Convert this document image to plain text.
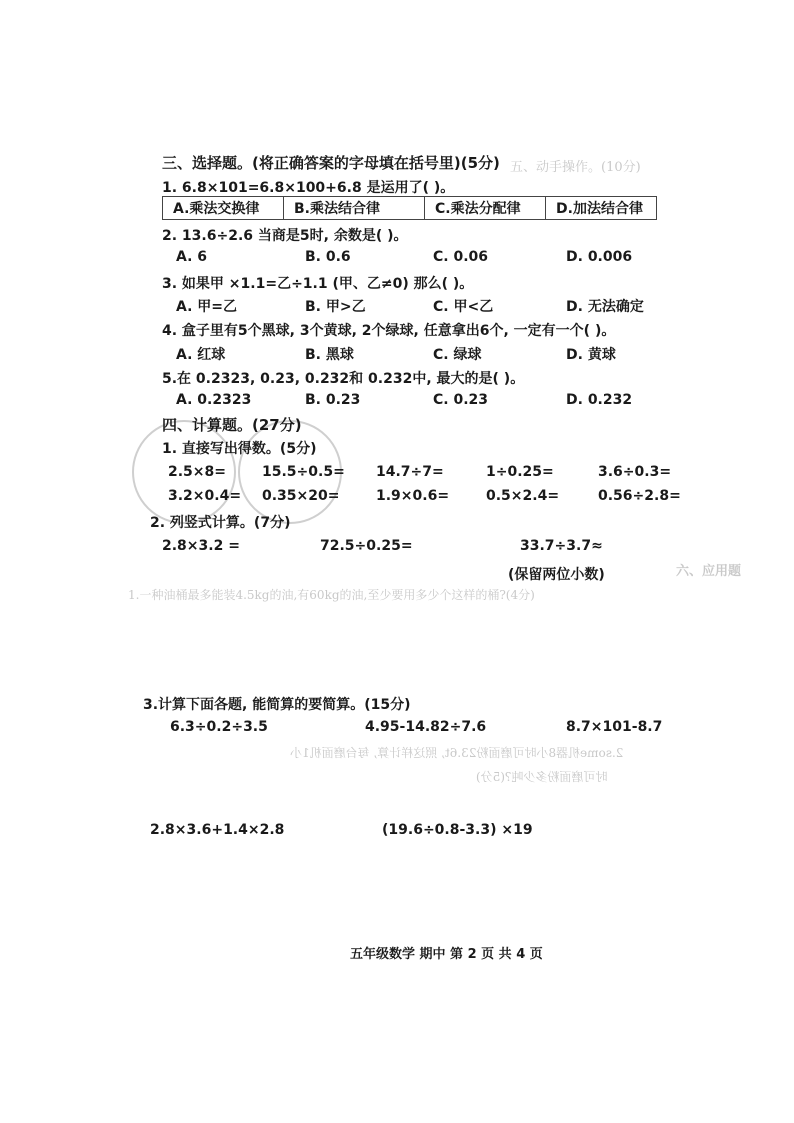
五、动手操作。(10分)
六、应用题
1.一种油桶最多能装4.5kg的油,有60kg的油,至少要用多少个这样的桶?(4分)
2.some机器8小时可磨面粉23.6t, 照这样计算, 每台磨面机1小
时可磨面粉多少吨?(5分)
三、选择题。(将正确答案的字母填在括号里)(5分)
1. 6.8×101=6.8×100+6.8 是运用了( )。
A.乘法交换律	B.乘法结合律	C.乘法分配律	D.加法结合律
2. 13.6÷2.6 当商是5时, 余数是( )。
A. 6	B. 0.6	C. 0.06	D. 0.006
3. 如果甲 ×1.1=乙÷1.1 (甲、乙≠0) 那么( )。
A. 甲=乙	B. 甲>乙	C. 甲<乙	D. 无法确定
4. 盒子里有5个黑球, 3个黄球, 2个绿球, 任意拿出6个, 一定有一个( )。
A. 红球	B. 黑球	C. 绿球	D. 黄球
5.在 0.2323, 0.23, 0.232和 0.232中, 最大的是( )。
A. 0.2323	B. 0.23	C. 0.23	D. 0.232
四、计算题。(27分)
1. 直接写出得数。(5分)
2.5×8=	15.5÷0.5= 14.7÷7=	1÷0.25=	3.6÷0.3=
3.2×0.4= 0.35×20=	1.9×0.6=	0.5×2.4=	0.56÷2.8=
2. 列竖式计算。(7分)
2.8×3.2 =	72.5÷0.25=	33.7÷3.7≈
(保留两位小数)
3.计算下面各题, 能简算的要简算。(15分)
6.3÷0.2÷3.5	4.95-14.82÷7.6	8.7×101-8.7
2.8×3.6+1.4×2.8	(19.6÷0.8-3.3) ×19
五年级数学 期中 第 2 页 共 4 页
